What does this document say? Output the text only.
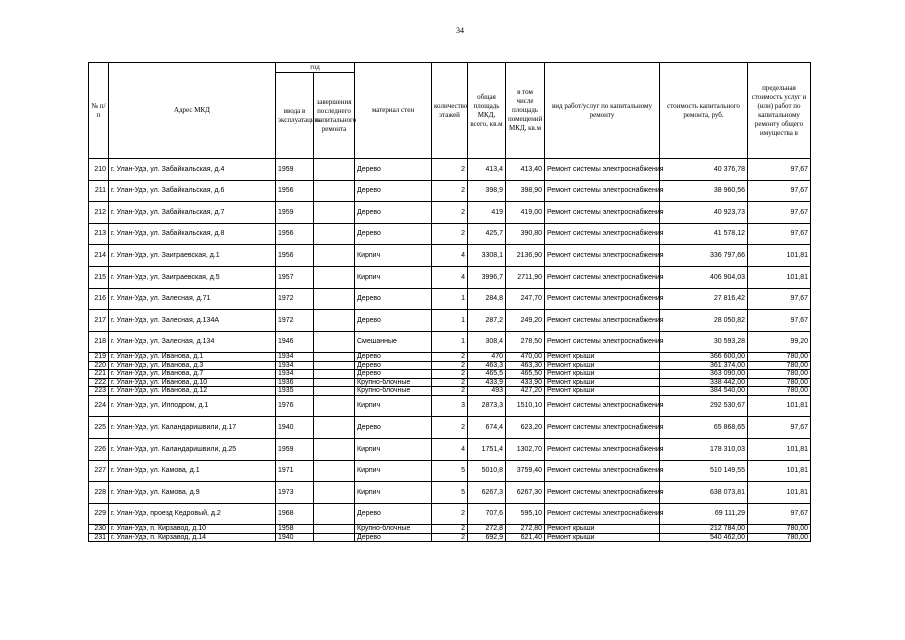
34
№ п/п	Адрес МКД	год		материал стен	количество этажей	общая площадь МКД, всего, кв.м	в том числе площадь помещений МКД, кв.м	вид работ/услуг по капитальному ремонту	стоимость капитального ремонта, руб.	предельная стоимость услуг и (или) работ по капитальному ремонту общего имущества в
		ввода в эксплуатацию	завершения последнего капитального ремонта							
210	г. Улан-Удэ, ул. Забайкальская, д.4	1959		Дерево	2	413,4	413,40	Ремонт системы электроснабжения	40 376,78	97,67
211	г. Улан-Удэ, ул. Забайкальская, д.6	1956		Дерево	2	398,9	398,90	Ремонт системы электроснабжения	38 960,56	97,67
212	г. Улан-Удэ, ул. Забайкальская, д.7	1959		Дерево	2	419	419,00	Ремонт системы электроснабжения	40 923,73	97,67
213	г. Улан-Удэ, ул. Забайкальская, д.8	1956		Дерево	2	425,7	390,80	Ремонт системы электроснабжения	41 578,12	97,67
214	г. Улан-Удэ, ул. Заиграевская, д.1	1956		Кирпич	4	3308,1	2136,90	Ремонт системы электроснабжения	336 797,66	101,81
215	г. Улан-Удэ, ул. Заиграевская, д.5	1957		Кирпич	4	3996,7	2711,90	Ремонт системы электроснабжения	406 904,03	101,81
216	г. Улан-Удэ, ул. Залесная, д.71	1972		Дерево	1	284,8	247,70	Ремонт системы электроснабжения	27 816,42	97,67
217	г. Улан-Удэ, ул. Залесная, д.134А	1972		Дерево	1	287,2	249,20	Ремонт системы электроснабжения	28 050,82	97,67
218	г. Улан-Удэ, ул. Залесная, д.134	1946		Смешанные	1	308,4	278,50	Ремонт системы электроснабжения	30 593,28	99,20
219	г. Улан-Удэ, ул. Иванова, д.1	1934		Дерево	2	470	470,00	Ремонт крыши	366 600,00	780,00
220	г. Улан-Удэ, ул. Иванова, д.3	1934		Дерево	2	463,3	463,30	Ремонт крыши	361 374,00	780,00
221	г. Улан-Удэ, ул. Иванова, д.7	1934		Дерево	2	465,5	465,50	Ремонт крыши	363 090,00	780,00
222	г. Улан-Удэ, ул. Иванова, д.10	1936		Крупно-блочные	2	433,9	433,90	Ремонт крыши	338 442,00	780,00
223	г. Улан-Удэ, ул. Иванова, д.12	1935		Крупно-блочные	2	493	427,20	Ремонт крыши	384 540,00	780,00
224	г. Улан-Удэ, ул. Ипподром, д.1	1976		Кирпич	3	2873,3	1510,10	Ремонт системы электроснабжения	292 530,67	101,81
225	г. Улан-Удэ, ул. Каландаришвили, д.17	1940		Дерево	2	674,4	623,20	Ремонт системы электроснабжения	65 868,65	97,67
226	г. Улан-Удэ, ул. Каландаришвили, д.25	1959		Кирпич	4	1751,4	1302,70	Ремонт системы электроснабжения	178 310,03	101,81
227	г. Улан-Удэ, ул. Камова, д.1	1971		Кирпич	5	5010,8	3759,40	Ремонт системы электроснабжения	510 149,55	101,81
228	г. Улан-Удэ, ул. Камова, д.9	1973		Кирпич	5	6267,3	6267,30	Ремонт системы электроснабжения	638 073,81	101,81
229	г. Улан-Удэ, проезд Кедровый, д.2	1968		Дерево	2	707,6	595,10	Ремонт системы электроснабжения	69 111,29	97,67
230	г. Улан-Удэ, п. Кирзавод, д.10	1958		Крупно-блочные	2	272,8	272,80	Ремонт крыши	212 784,00	780,00
231	г. Улан-Удэ, п. Кирзавод, д.14	1940		Дерево	2	692,9	621,40	Ремонт крыши	540 462,00	780,00
